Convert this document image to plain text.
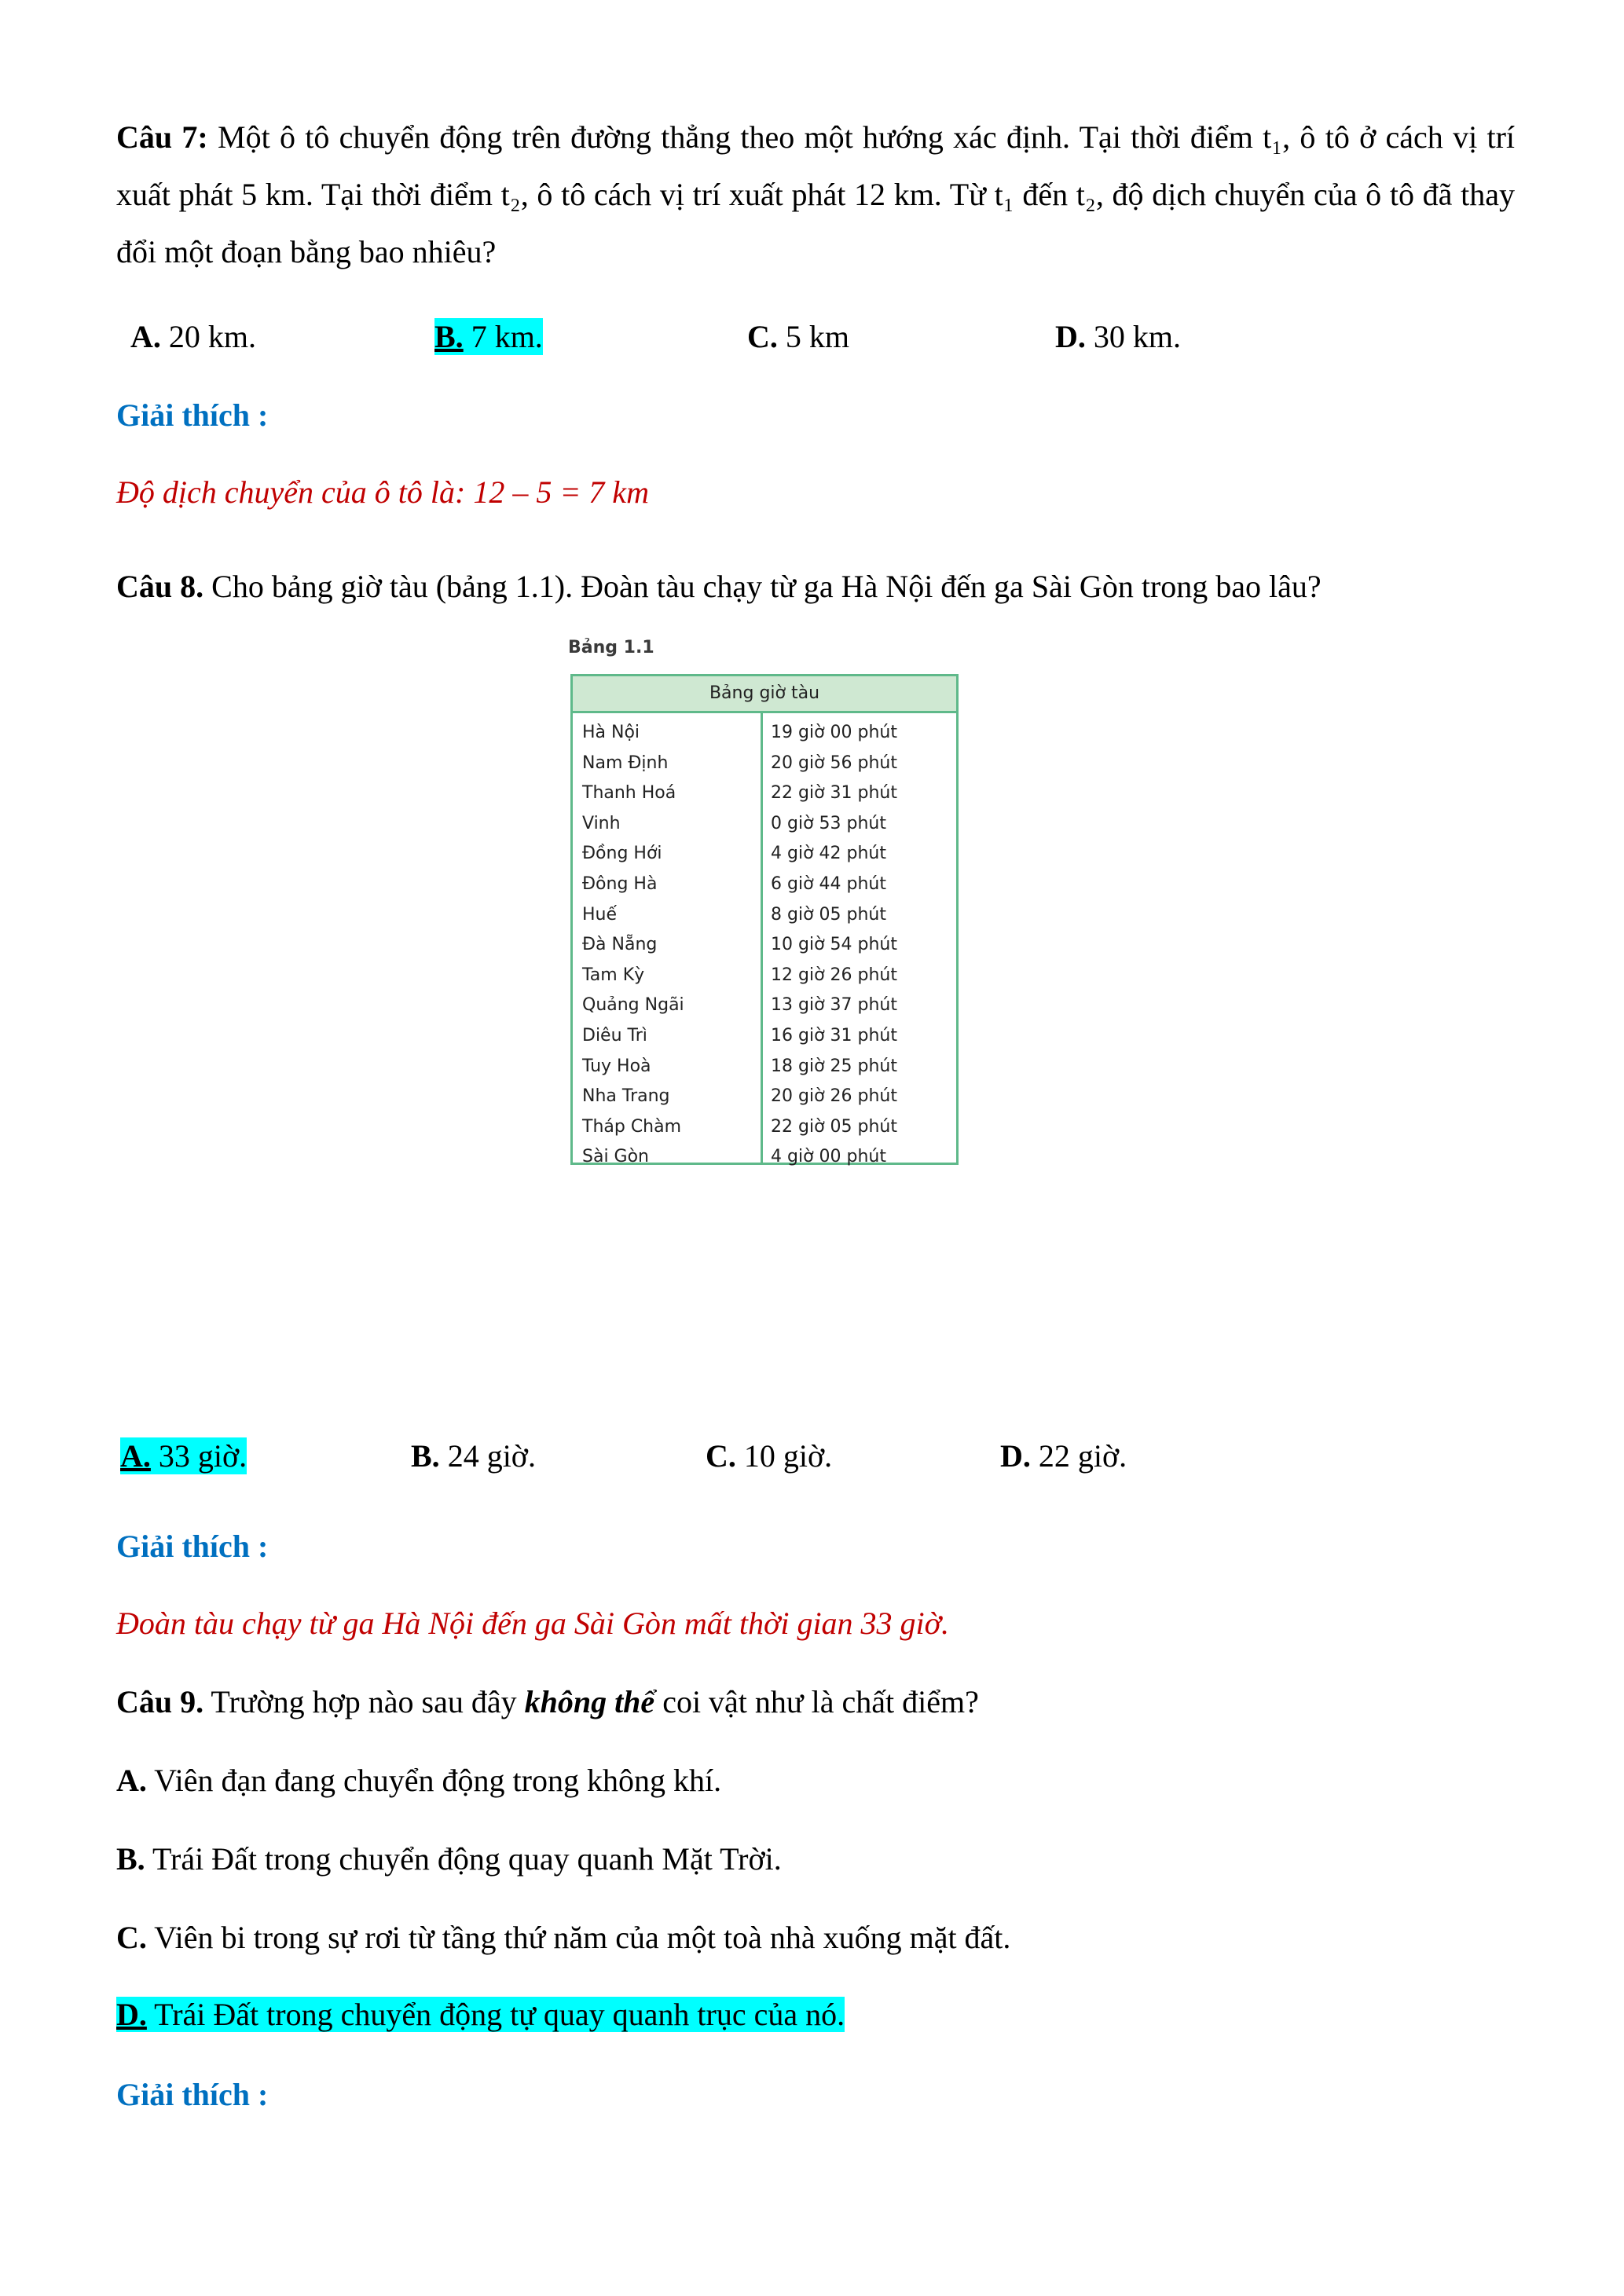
Câu 7: Một ô tô chuyển động trên đường thẳng theo một hướng xác định. Tại thời điểm t₁, ô tô ở cách vị trí xuất phát 5 km. Tại thời điểm t₂, ô tô cách vị trí xuất phát 12 km. Từ t₁ đến t₂, độ dịch chuyển của ô tô đã thay đổi một đoạn bằng bao nhiêu?
A. 20 km.	B. 7 km.	C. 5 km	D. 30 km.
Giải thích :
Độ dịch chuyển của ô tô là: 12 – 5 = 7 km
Câu 8. Cho bảng giờ tàu (bảng 1.1). Đoàn tàu chạy từ ga Hà Nội đến ga Sài Gòn trong bao lâu?
Bảng 1.1
Bảng giờ tàu
Hà Nội	19 giờ 00 phút
Nam Định	20 giờ 56 phút
Thanh Hoá	22 giờ 31 phút
Vinh	0 giờ 53 phút
Đồng Hới	4 giờ 42 phút
Đông Hà	6 giờ 44 phút
Huế	8 giờ 05 phút
Đà Nẵng	10 giờ 54 phút
Tam Kỳ	12 giờ 26 phút
Quảng Ngãi	13 giờ 37 phút
Diêu Trì	16 giờ 31 phút
Tuy Hoà	18 giờ 25 phút
Nha Trang	20 giờ 26 phút
Tháp Chàm	22 giờ 05 phút
Sài Gòn	4 giờ 00 phút
A. 33 giờ.	B. 24 giờ.	C. 10 giờ.	D. 22 giờ.
Giải thích :
Đoàn tàu chạy từ ga Hà Nội đến ga Sài Gòn mất thời gian 33 giờ.
Câu 9. Trường hợp nào sau đây không thể coi vật như là chất điểm?
A. Viên đạn đang chuyển động trong không khí.
B. Trái Đất trong chuyển động quay quanh Mặt Trời.
C. Viên bi trong sự rơi từ tầng thứ năm của một toà nhà xuống mặt đất.
D. Trái Đất trong chuyển động tự quay quanh trục của nó.
Giải thích :
